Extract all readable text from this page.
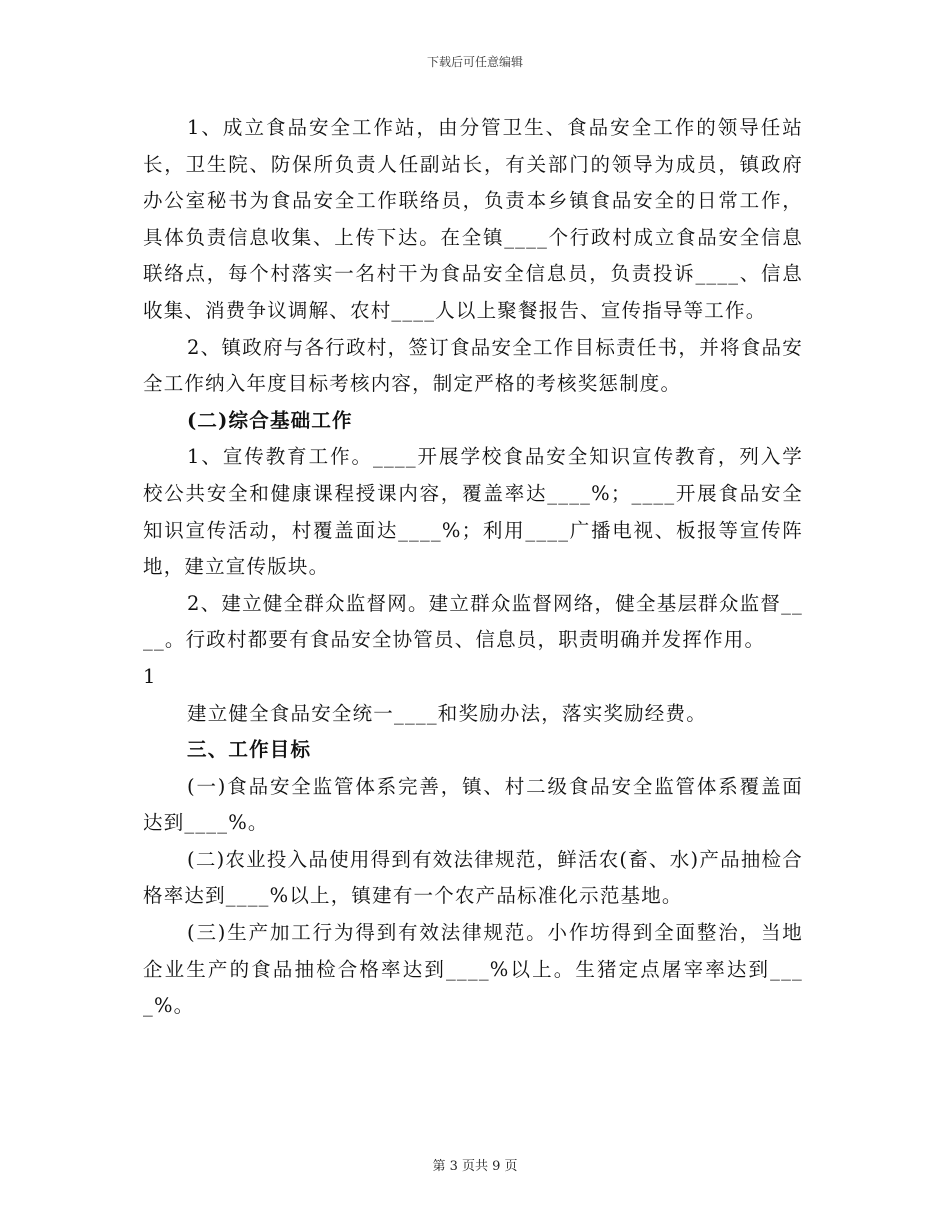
下载后可任意编辑

1、成立食品安全工作站，由分管卫生、食品安全工作的领导任站长，卫生院、防保所负责人任副站长，有关部门的领导为成员，镇政府办公室秘书为食品安全工作联络员，负责本乡镇食品安全的日常工作，具体负责信息收集、上传下达。在全镇____个行政村成立食品安全信息联络点，每个村落实一名村干为食品安全信息员，负责投诉____、信息收集、消费争议调解、农村____人以上聚餐报告、宣传指导等工作。

2、镇政府与各行政村，签订食品安全工作目标责任书，并将食品安全工作纳入年度目标考核内容，制定严格的考核奖惩制度。

(二)综合基础工作

1、宣传教育工作。____开展学校食品安全知识宣传教育，列入学校公共安全和健康课程授课内容，覆盖率达____%；____开展食品安全知识宣传活动，村覆盖面达____%；利用____广播电视、板报等宣传阵地，建立宣传版块。

2、建立健全群众监督网。建立群众监督网络，健全基层群众监督____。行政村都要有食品安全协管员、信息员，职责明确并发挥作用。

1

建立健全食品安全统一____和奖励办法，落实奖励经费。

三、工作目标

(一)食品安全监管体系完善，镇、村二级食品安全监管体系覆盖面达到____%。

(二)农业投入品使用得到有效法律规范，鲜活农(畜、水)产品抽检合格率达到____%以上，镇建有一个农产品标准化示范基地。

(三)生产加工行为得到有效法律规范。小作坊得到全面整治，当地企业生产的食品抽检合格率达到____%以上。生猪定点屠宰率达到____%。

第 3 页共 9 页
